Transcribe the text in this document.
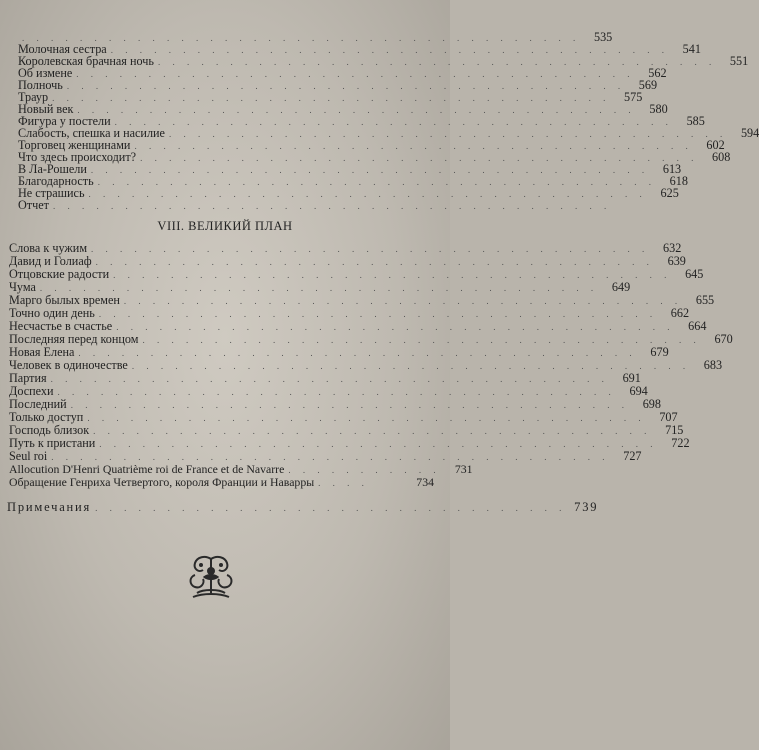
. . . . . . . . . . . . . . . . . . . . . . . . . . . . . . . . . . . . . . .	535
Молочная сестра . . . . . . . . . . . . . . . . . . . . . . . . . . . . . . . . . . . . . . .	541
Королевская брачная ночь . . . . . . . . . . . . . . . . . . . . . . . . . . . . . . . . . . . . . . .	551
Об измене . . . . . . . . . . . . . . . . . . . . . . . . . . . . . . . . . . . . . . .	562
Полночь . . . . . . . . . . . . . . . . . . . . . . . . . . . . . . . . . . . . . . .	569
Траур . . . . . . . . . . . . . . . . . . . . . . . . . . . . . . . . . . . . . . .	575
Новый век . . . . . . . . . . . . . . . . . . . . . . . . . . . . . . . . . . . . . . .	580
Фигура у постели . . . . . . . . . . . . . . . . . . . . . . . . . . . . . . . . . . . . . . .	585
Слабость, спешка и насилие . . . . . . . . . . . . . . . . . . . . . . . . . . . . . . . . . . . . . . .	594
Торговец женщинами . . . . . . . . . . . . . . . . . . . . . . . . . . . . . . . . . . . . . . .	602
Что здесь происходит? . . . . . . . . . . . . . . . . . . . . . . . . . . . . . . . . . . . . . . .	608
В Ла-Рошели . . . . . . . . . . . . . . . . . . . . . . . . . . . . . . . . . . . . . . .	613
Благодарность . . . . . . . . . . . . . . . . . . . . . . . . . . . . . . . . . . . . . . .	618
Не страшись . . . . . . . . . . . . . . . . . . . . . . . . . . . . . . . . . . . . . . .	625
Отчет . . . . . . . . . . . . . . . . . . . . . . . . . . . . . . . . . . . . . . .
VIII. ВЕЛИКИЙ ПЛАН
Слова к чужим . . . . . . . . . . . . . . . . . . . . . . . . . . . . . . . . . . . . . . .	632
Давид и Голиаф . . . . . . . . . . . . . . . . . . . . . . . . . . . . . . . . . . . . . . .	639
Отцовские радости . . . . . . . . . . . . . . . . . . . . . . . . . . . . . . . . . . . . . . .	645
Чума . . . . . . . . . . . . . . . . . . . . . . . . . . . . . . . . . . . . . . .	649
Марго былых времен . . . . . . . . . . . . . . . . . . . . . . . . . . . . . . . . . . . . . . .	655
Точно один день . . . . . . . . . . . . . . . . . . . . . . . . . . . . . . . . . . . . . . .	662
Несчастье в счастье . . . . . . . . . . . . . . . . . . . . . . . . . . . . . . . . . . . . . . .	664
Последняя перед концом . . . . . . . . . . . . . . . . . . . . . . . . . . . . . . . . . . . . . . .	670
Новая Елена . . . . . . . . . . . . . . . . . . . . . . . . . . . . . . . . . . . . . . .	679
Человек в одиночестве . . . . . . . . . . . . . . . . . . . . . . . . . . . . . . . . . . . . . . .	683
Партия . . . . . . . . . . . . . . . . . . . . . . . . . . . . . . . . . . . . . . .	691
Доспехи . . . . . . . . . . . . . . . . . . . . . . . . . . . . . . . . . . . . . . .	694
Последний . . . . . . . . . . . . . . . . . . . . . . . . . . . . . . . . . . . . . . .	698
Только доступ . . . . . . . . . . . . . . . . . . . . . . . . . . . . . . . . . . . . . . .	707
Господь близок . . . . . . . . . . . . . . . . . . . . . . . . . . . . . . . . . . . . . . .	715
Путь к пристани . . . . . . . . . . . . . . . . . . . . . . . . . . . . . . . . . . . . . . .	722
Seul roi . . . . . . . . . . . . . . . . . . . . . . . . . . . . . . . . . . . . . . .	727
Allocution D'Henri Quatrième roi de France et de Navarre . . . . . . . . . . .	731
Обращение Генриха Четвертого, короля Франции и Наварры . . . .	734
Примечания . . . . . . . . . . . . . . . . . . . . . . . . . . . . . . . . . 739
